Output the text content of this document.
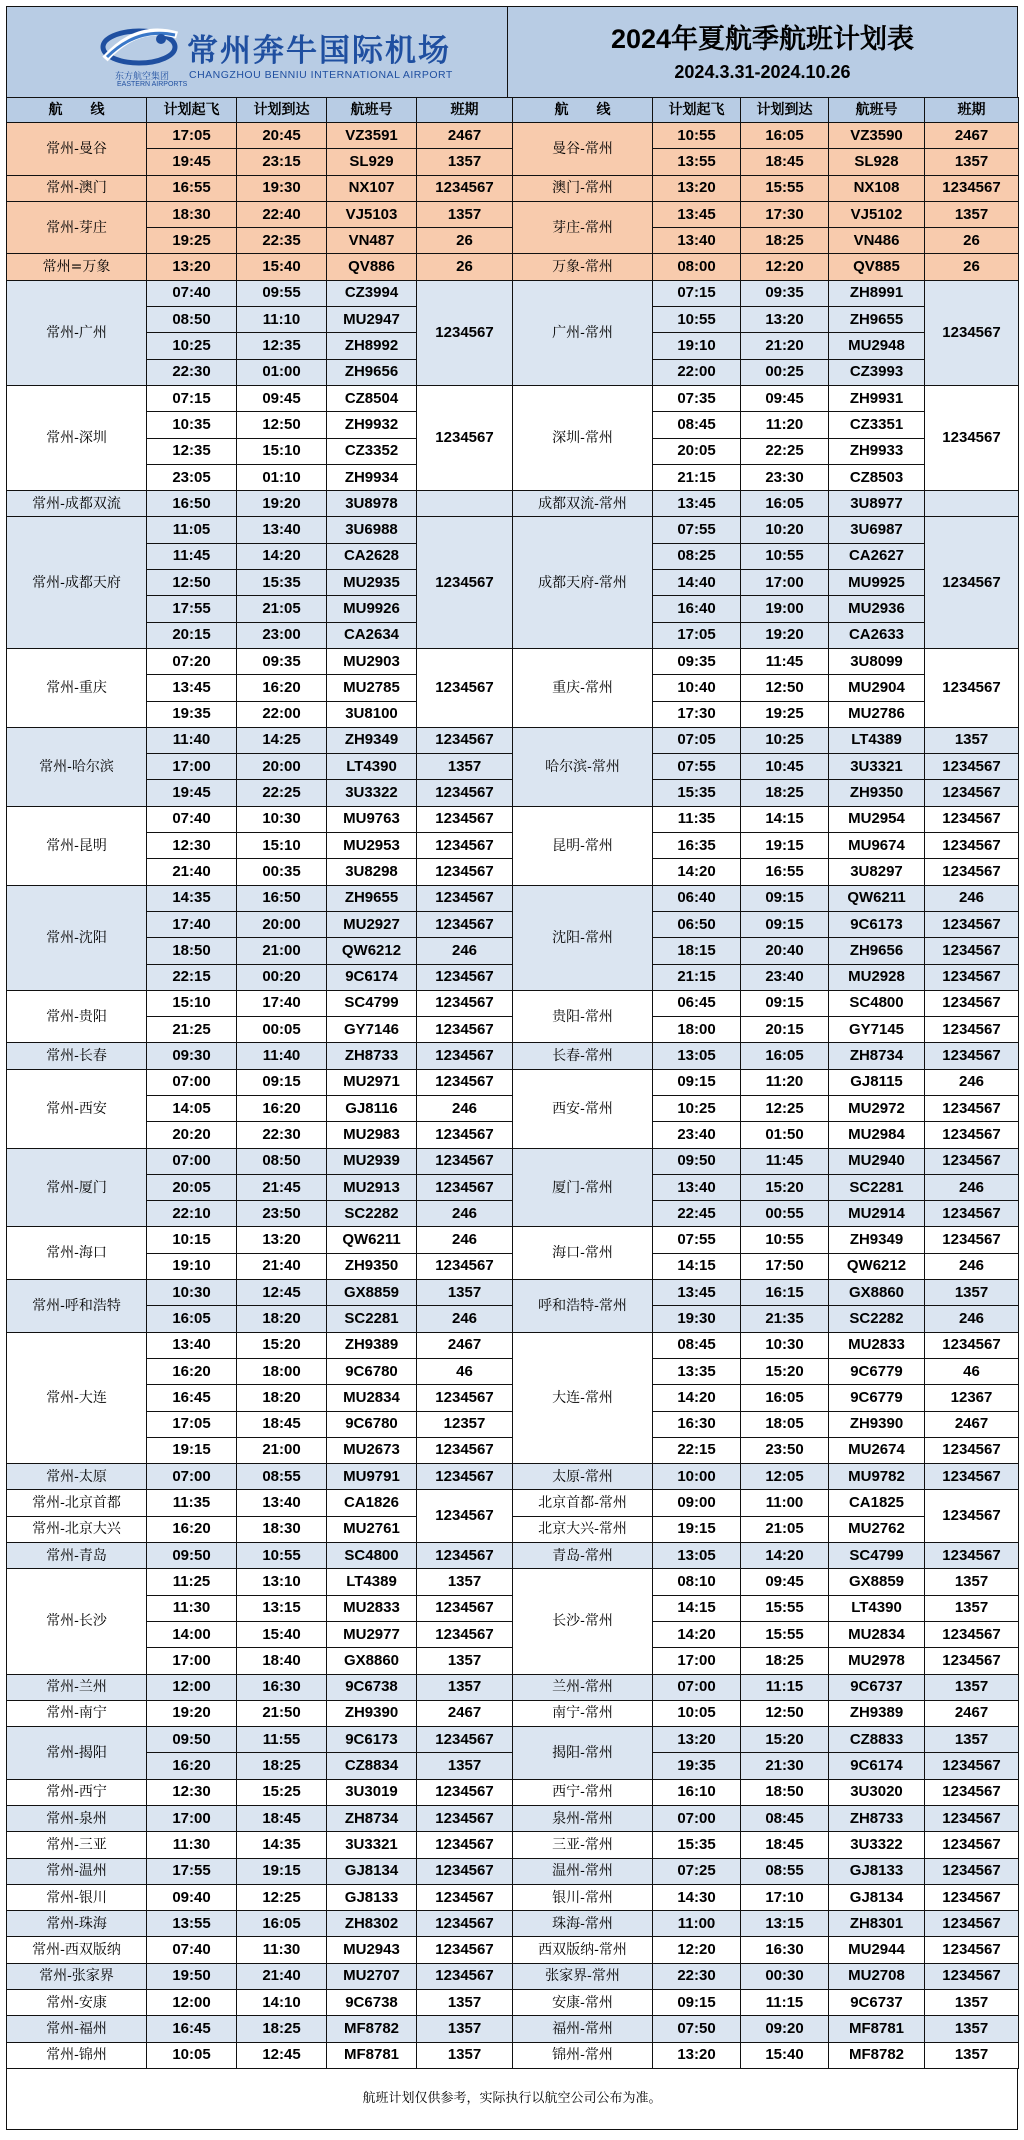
常州奔牛国际机场
东方航空集团
EASTERN AIRPORTS
CHANGZHOU BENNIU INTERNATIONAL AIRPORT
2024年夏航季航班计划表
2024.3.31-2024.10.26
航　　线	计划起飞	计划到达	航班号	班期	航　　线	计划起飞	计划到达	航班号	班期
常州-曼谷	17:05	20:45	VZ3591	2467	曼谷-常州	10:55	16:05	VZ3590	2467
	19:45	23:15	SL929	1357		13:55	18:45	SL928	1357
常州-澳门	16:55	19:30	NX107	1234567	澳门-常州	13:20	15:55	NX108	1234567
常州-芽庄	18:30	22:40	VJ5103	1357	芽庄-常州	13:45	17:30	VJ5102	1357
	19:25	22:35	VN487	26		13:40	18:25	VN486	26
常州=万象	13:20	15:40	QV886	26	万象-常州	08:00	12:20	QV885	26
常州-广州	07:40	09:55	CZ3994	1234567	广州-常州	07:15	09:35	ZH8991	1234567
	08:50	11:10	MU2947			10:55	13:20	ZH9655	
	10:25	12:35	ZH8992			19:10	21:20	MU2948	
	22:30	01:00	ZH9656			22:00	00:25	CZ3993	
常州-深圳	07:15	09:45	CZ8504	1234567	深圳-常州	07:35	09:45	ZH9931	1234567
	10:35	12:50	ZH9932			08:45	11:20	CZ3351	
	12:35	15:10	CZ3352			20:05	22:25	ZH9933	
	23:05	01:10	ZH9934			21:15	23:30	CZ8503	
常州-成都双流	16:50	19:20	3U8978		成都双流-常州	13:45	16:05	3U8977	
常州-成都天府	11:05	13:40	3U6988	1234567	成都天府-常州	07:55	10:20	3U6987	1234567
	11:45	14:20	CA2628			08:25	10:55	CA2627	
	12:50	15:35	MU2935			14:40	17:00	MU9925	
	17:55	21:05	MU9926			16:40	19:00	MU2936	
	20:15	23:00	CA2634			17:05	19:20	CA2633	
常州-重庆	07:20	09:35	MU2903	1234567	重庆-常州	09:35	11:45	3U8099	1234567
	13:45	16:20	MU2785			10:40	12:50	MU2904	
	19:35	22:00	3U8100			17:30	19:25	MU2786	
常州-哈尔滨	11:40	14:25	ZH9349	1234567	哈尔滨-常州	07:05	10:25	LT4389	1357
	17:00	20:00	LT4390	1357		07:55	10:45	3U3321	1234567
	19:45	22:25	3U3322	1234567		15:35	18:25	ZH9350	1234567
常州-昆明	07:40	10:30	MU9763	1234567	昆明-常州	11:35	14:15	MU2954	1234567
	12:30	15:10	MU2953	1234567		16:35	19:15	MU9674	1234567
	21:40	00:35	3U8298	1234567		14:20	16:55	3U8297	1234567
常州-沈阳	14:35	16:50	ZH9655	1234567	沈阳-常州	06:40	09:15	QW6211	246
	17:40	20:00	MU2927	1234567		06:50	09:15	9C6173	1234567
	18:50	21:00	QW6212	246		18:15	20:40	ZH9656	1234567
	22:15	00:20	9C6174	1234567		21:15	23:40	MU2928	1234567
常州-贵阳	15:10	17:40	SC4799	1234567	贵阳-常州	06:45	09:15	SC4800	1234567
	21:25	00:05	GY7146	1234567		18:00	20:15	GY7145	1234567
常州-长春	09:30	11:40	ZH8733	1234567	长春-常州	13:05	16:05	ZH8734	1234567
常州-西安	07:00	09:15	MU2971	1234567	西安-常州	09:15	11:20	GJ8115	246
	14:05	16:20	GJ8116	246		10:25	12:25	MU2972	1234567
	20:20	22:30	MU2983	1234567		23:40	01:50	MU2984	1234567
常州-厦门	07:00	08:50	MU2939	1234567	厦门-常州	09:50	11:45	MU2940	1234567
	20:05	21:45	MU2913	1234567		13:40	15:20	SC2281	246
	22:10	23:50	SC2282	246		22:45	00:55	MU2914	1234567
常州-海口	10:15	13:20	QW6211	246	海口-常州	07:55	10:55	ZH9349	1234567
	19:10	21:40	ZH9350	1234567		14:15	17:50	QW6212	246
常州-呼和浩特	10:30	12:45	GX8859	1357	呼和浩特-常州	13:45	16:15	GX8860	1357
	16:05	18:20	SC2281	246		19:30	21:35	SC2282	246
常州-大连	13:40	15:20	ZH9389	2467	大连-常州	08:45	10:30	MU2833	1234567
	16:20	18:00	9C6780	46		13:35	15:20	9C6779	46
	16:45	18:20	MU2834	1234567		14:20	16:05	9C6779	12367
	17:05	18:45	9C6780	12357		16:30	18:05	ZH9390	2467
	19:15	21:00	MU2673	1234567		22:15	23:50	MU2674	1234567
常州-太原	07:00	08:55	MU9791	1234567	太原-常州	10:00	12:05	MU9782	1234567
常州-北京首都	11:35	13:40	CA1826	1234567	北京首都-常州	09:00	11:00	CA1825	1234567
常州-北京大兴	16:20	18:30	MU2761		北京大兴-常州	19:15	21:05	MU2762	
常州-青岛	09:50	10:55	SC4800	1234567	青岛-常州	13:05	14:20	SC4799	1234567
常州-长沙	11:25	13:10	LT4389	1357	长沙-常州	08:10	09:45	GX8859	1357
	11:30	13:15	MU2833	1234567		14:15	15:55	LT4390	1357
	14:00	15:40	MU2977	1234567		14:20	15:55	MU2834	1234567
	17:00	18:40	GX8860	1357		17:00	18:25	MU2978	1234567
常州-兰州	12:00	16:30	9C6738	1357	兰州-常州	07:00	11:15	9C6737	1357
常州-南宁	19:20	21:50	ZH9390	2467	南宁-常州	10:05	12:50	ZH9389	2467
常州-揭阳	09:50	11:55	9C6173	1234567	揭阳-常州	13:20	15:20	CZ8833	1357
	16:20	18:25	CZ8834	1357		19:35	21:30	9C6174	1234567
常州-西宁	12:30	15:25	3U3019	1234567	西宁-常州	16:10	18:50	3U3020	1234567
常州-泉州	17:00	18:45	ZH8734	1234567	泉州-常州	07:00	08:45	ZH8733	1234567
常州-三亚	11:30	14:35	3U3321	1234567	三亚-常州	15:35	18:45	3U3322	1234567
常州-温州	17:55	19:15	GJ8134	1234567	温州-常州	07:25	08:55	GJ8133	1234567
常州-银川	09:40	12:25	GJ8133	1234567	银川-常州	14:30	17:10	GJ8134	1234567
常州-珠海	13:55	16:05	ZH8302	1234567	珠海-常州	11:00	13:15	ZH8301	1234567
常州-西双版纳	07:40	11:30	MU2943	1234567	西双版纳-常州	12:20	16:30	MU2944	1234567
常州-张家界	19:50	21:40	MU2707	1234567	张家界-常州	22:30	00:30	MU2708	1234567
常州-安康	12:00	14:10	9C6738	1357	安康-常州	09:15	11:15	9C6737	1357
常州-福州	16:45	18:25	MF8782	1357	福州-常州	07:50	09:20	MF8781	1357
常州-锦州	10:05	12:45	MF8781	1357	锦州-常州	13:20	15:40	MF8782	1357
航班计划仅供参考，实际执行以航空公司公布为准。
